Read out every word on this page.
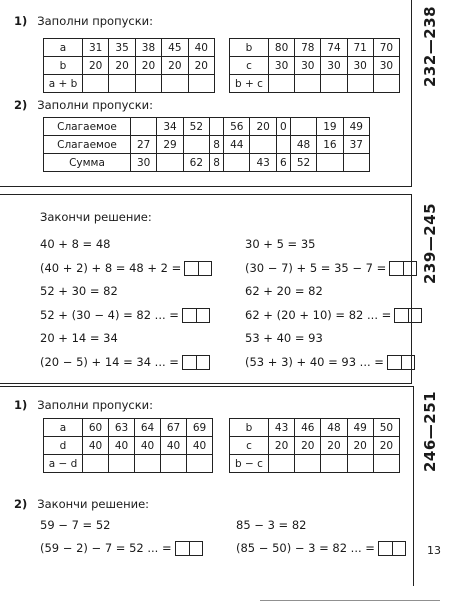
232—238
239—245
246—251
13
1) Заполни пропуски:
a	31	35	38	45	40
b	20	20	20	20	20
a + b					
b	80	78	74	71	70
c	30	30	30	30	30
b + c					
2) Заполни пропуски:
Слагаемое		34	52		56	20	0		19	49
Слагаемое	27	29		8	44			48	16	37
Сумма	30		62	8		43	6	52		
Закончи решение:
40 + 8 = 48
(40 + 2) + 8 = 48 + 2 =
52 + 30 = 82
52 + (30 − 4) = 82 ... =
20 + 14 = 34
(20 − 5) + 14 = 34 ... =
30 + 5 = 35
(30 − 7) + 5 = 35 − 7 =
62 + 20 = 82
62 + (20 + 10) = 82 ... =
53 + 40 = 93
(53 + 3) + 40 = 93 ... =
1) Заполни пропуски:
a	60	63	64	67	69
d	40	40	40	40	40
a − d					
b	43	46	48	49	50
c	20	20	20	20	20
b − c					
2) Закончи решение:
59 − 7 = 52
(59 − 2) − 7 = 52 ... =
85 − 3 = 82
(85 − 50) − 3 = 82 ... =
